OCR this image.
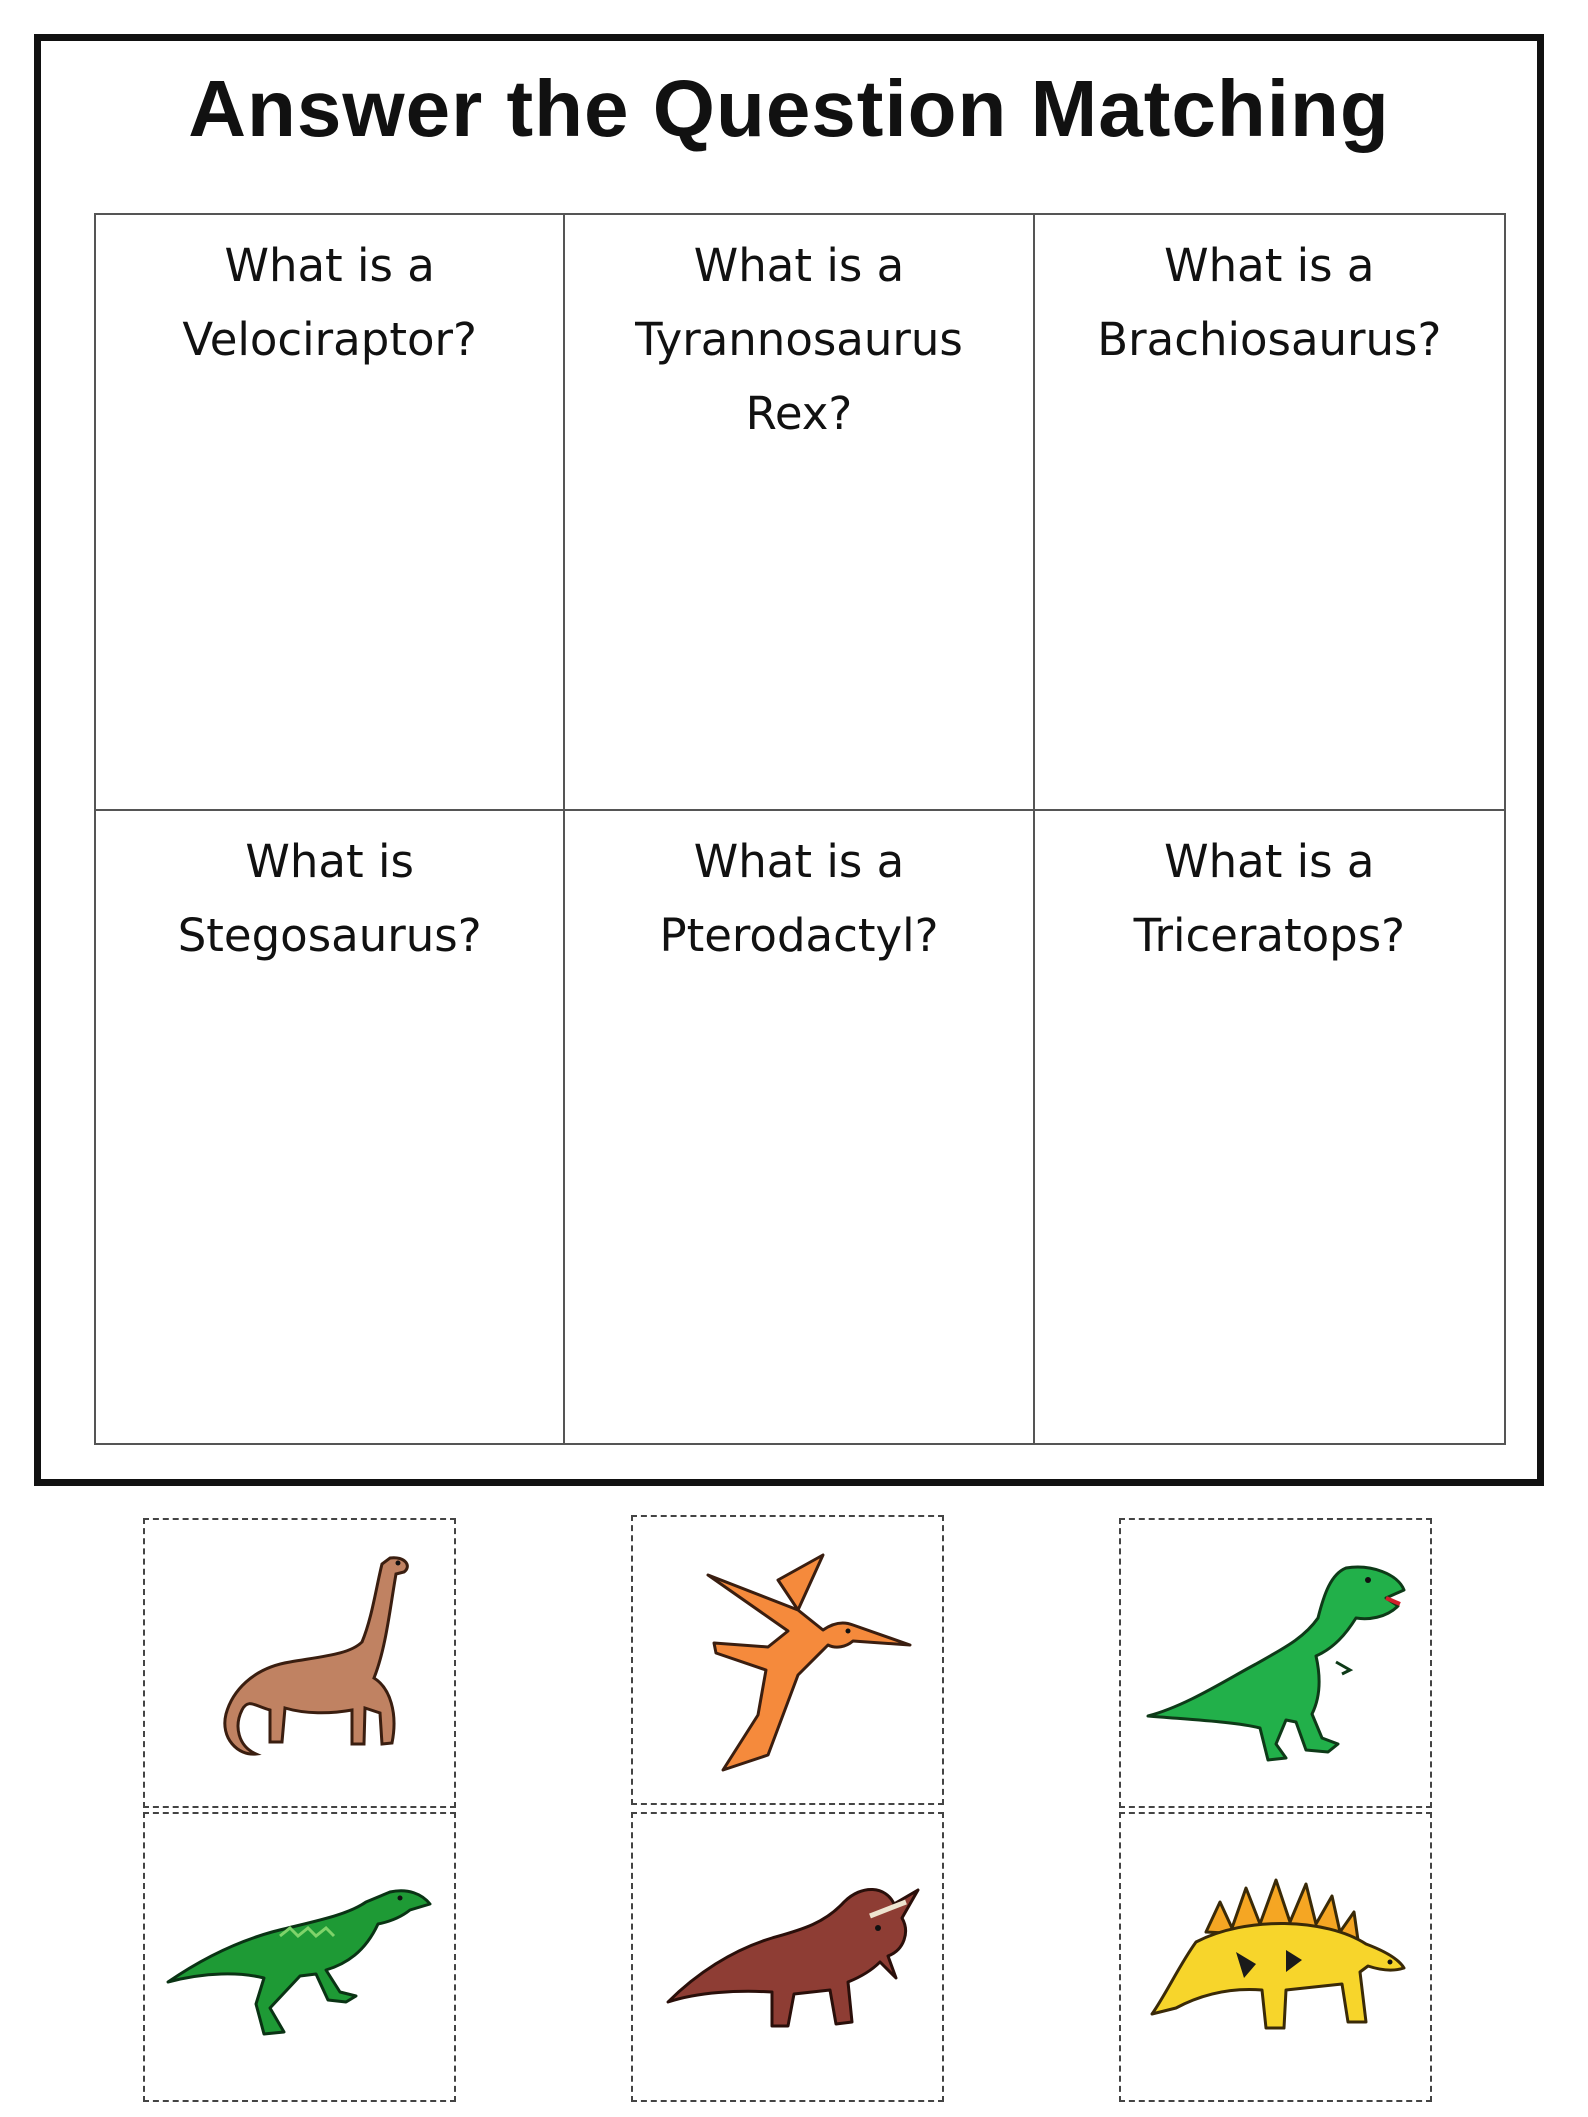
Answer the Question Matching
What is a
Velociraptor?
What is a
Tyrannosaurus
Rex?
What is a
Brachiosaurus?
What is
Stegosaurus?
What is a
Pterodactyl?
What is a
Triceratops?
